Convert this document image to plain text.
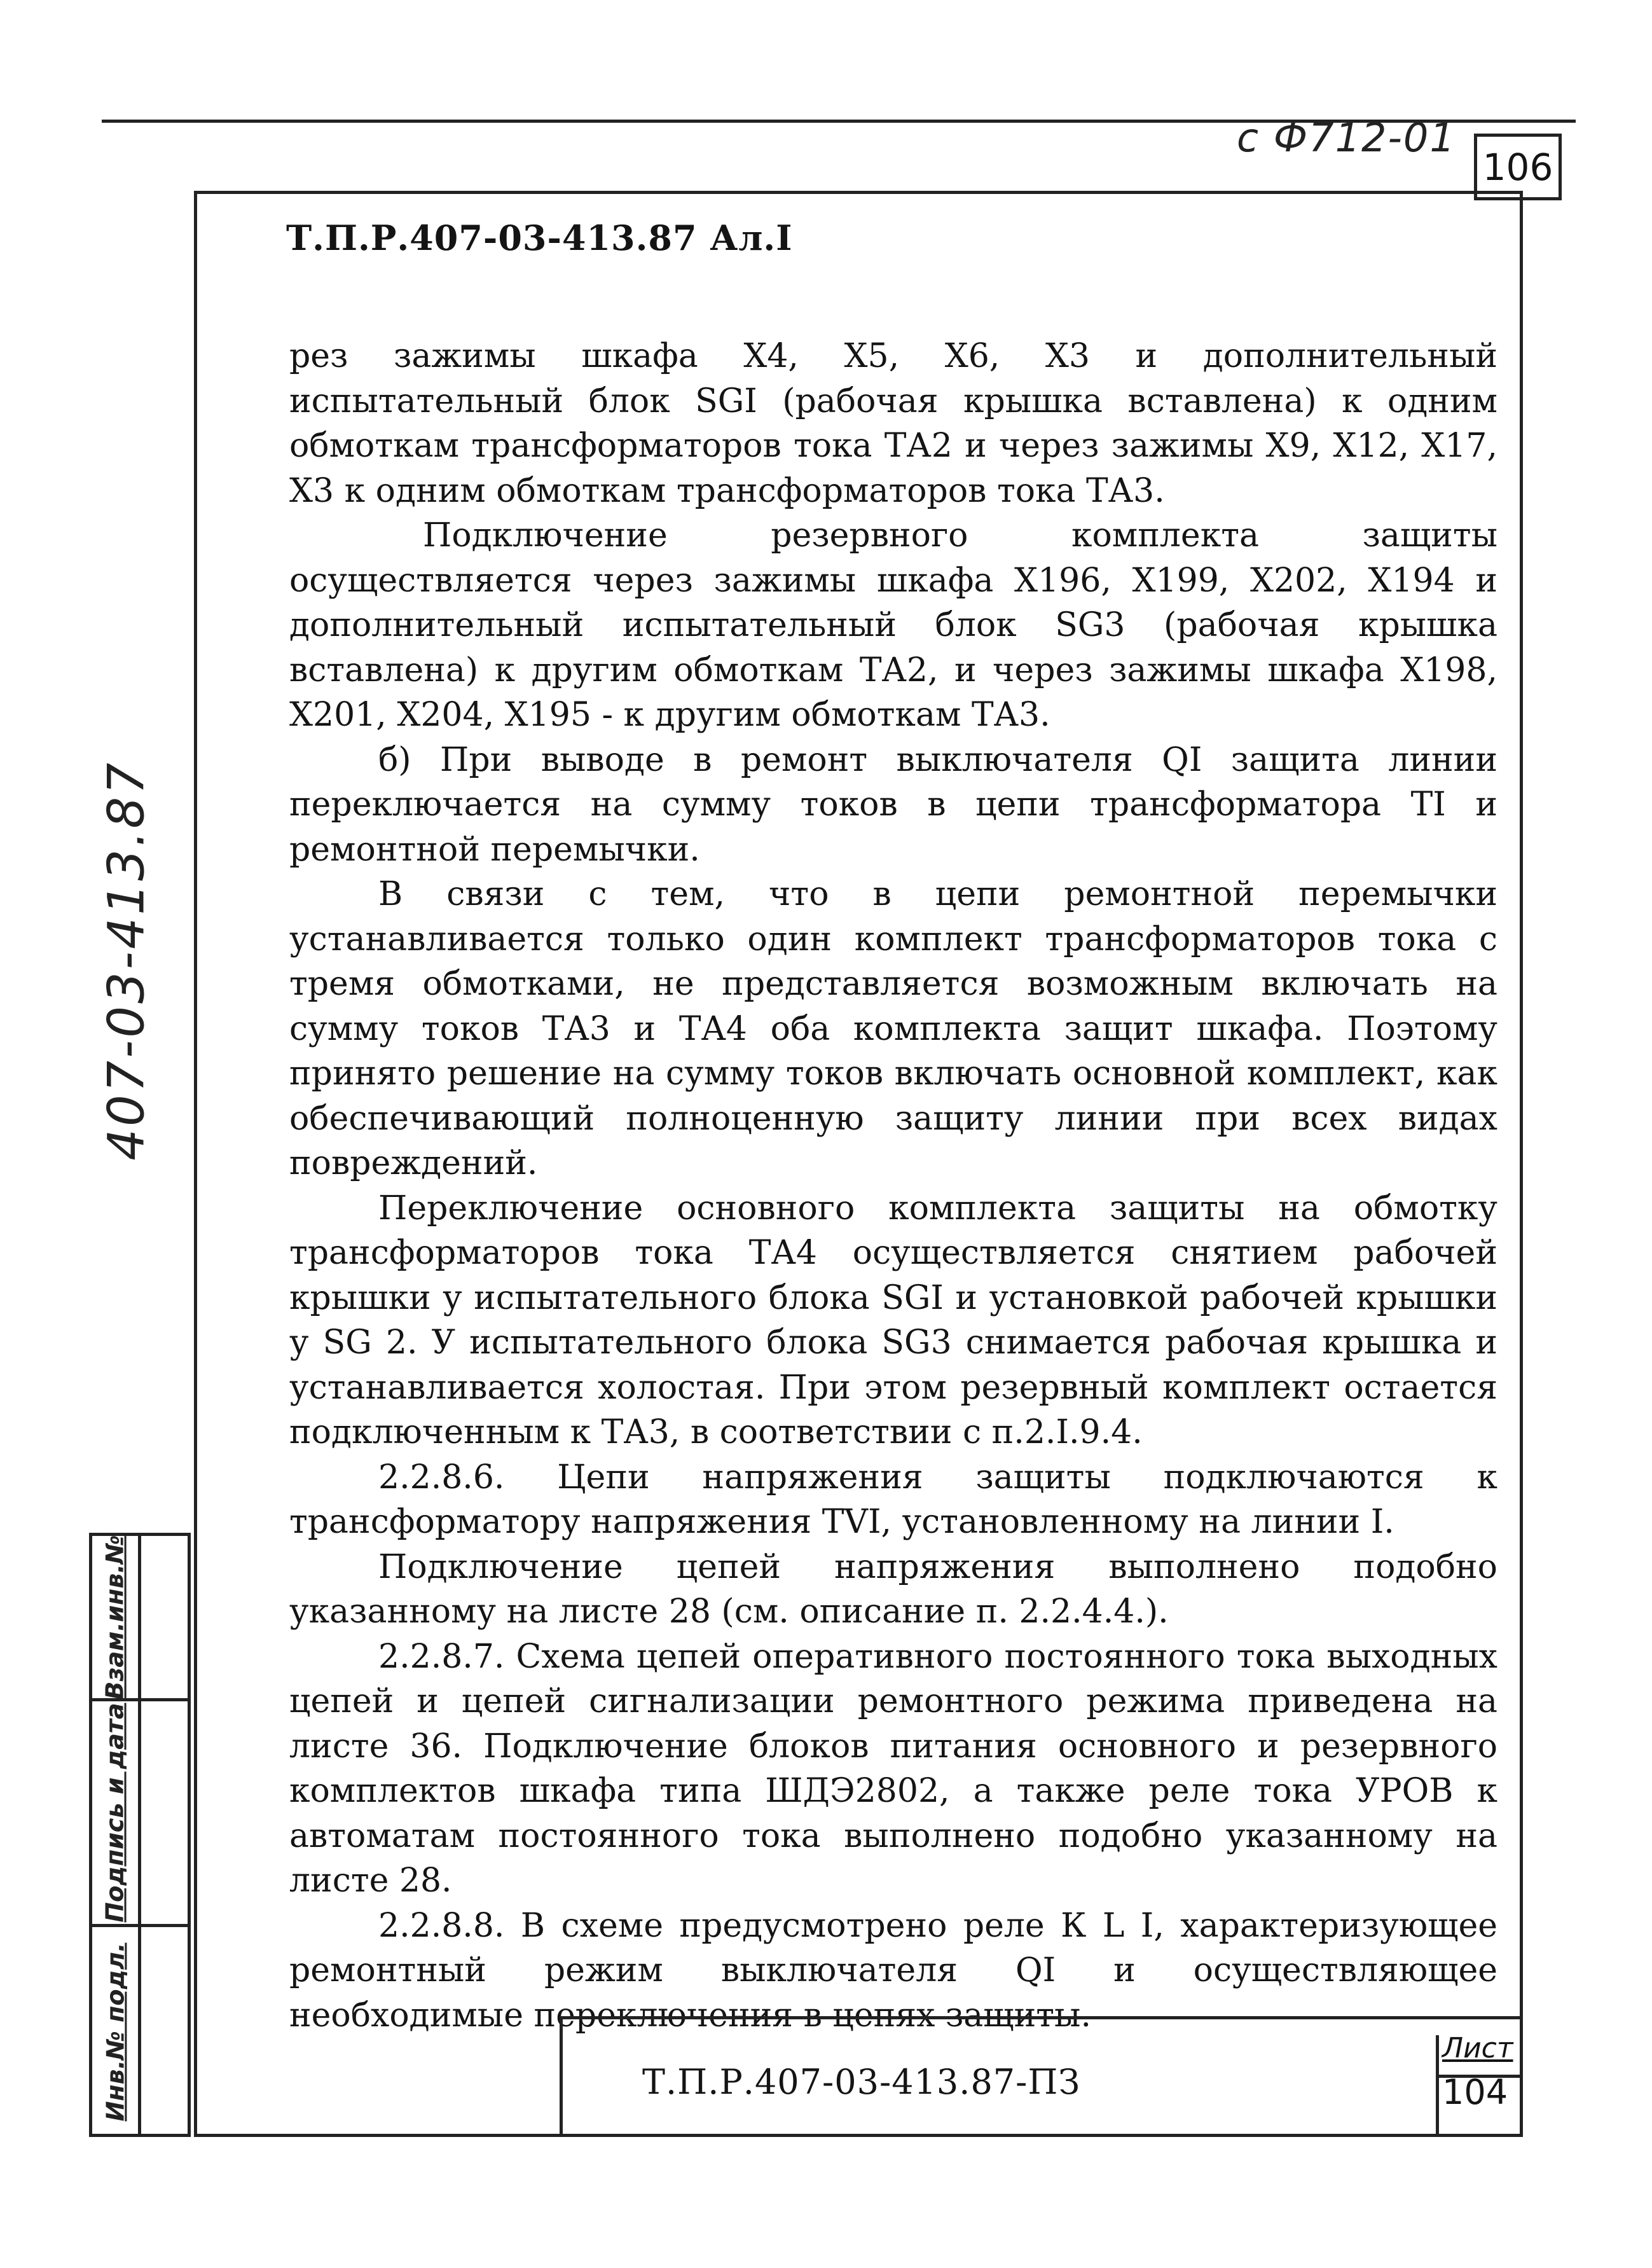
с Ф712-01
106
Т.П.Р.407-03-413.87 Ал.I

рез зажимы шкафа Х4, Х5, Х6, Х3 и дополнительный испытательный блок SGI (рабочая крышка вставлена) к одним обмоткам трансформаторов тока ТА2 и через зажимы Х9, Х12, Х17, Х3 к одним обмоткам трансформаторов тока ТА3.

Подключение резервного комплекта защиты осуществляется через зажимы шкафа Х196, Х199, Х202, Х194 и дополнительный испытательный блок SG3 (рабочая крышка вставлена) к другим обмоткам ТА2, и через зажимы шкафа Х198, Х201, Х204, Х195 - к другим обмоткам ТА3.

б) При выводе в ремонт выключателя QI защита линии переключается на сумму токов в цепи трансформатора ТI и ремонтной перемычки.

В связи с тем, что в цепи ремонтной перемычки устанавливается только один комплект трансформаторов тока с тремя обмотками, не представляется возможным включать на сумму токов ТА3 и ТА4 оба комплекта защит шкафа. Поэтому принято решение на сумму токов включать основной комплект, как обеспечивающий полноценную защиту линии при всех видах повреждений.

Переключение основного комплекта защиты на обмотку трансформаторов тока ТА4 осуществляется снятием рабочей крышки у испытательного блока SGI и установкой рабочей крышки у SG 2. У испытательного блока SG3 снимается рабочая крышка и устанавливается холостая. При этом резервный комплект остается подключенным к ТА3, в соответствии с п.2.I.9.4.

2.2.8.6. Цепи напряжения защиты подключаются к трансформатору напряжения ТVI, установленному на линии I.

Подключение цепей напряжения выполнено подобно указанному на листе 28 (см. описание п. 2.2.4.4.).

2.2.8.7. Схема цепей оперативного постоянного тока выходных цепей и цепей сигнализации ремонтного режима приведена на листе 36. Подключение блоков питания основного и резервного комплектов шкафа типа ШДЭ2802, а также реле тока УРОВ к автоматам постоянного тока выполнено подобно указанному на листе 28.

2.2.8.8. В схеме предусмотрено реле К L I, характеризующее ремонтный режим выключателя QI и осуществляющее необходимые переключения в цепях защиты.

407-03-413.87
Взам.инв.№
Подпись и дата
Инв.№ подл.	Т.П.Р.407-03-413.87-ПЗ
Лист
104
